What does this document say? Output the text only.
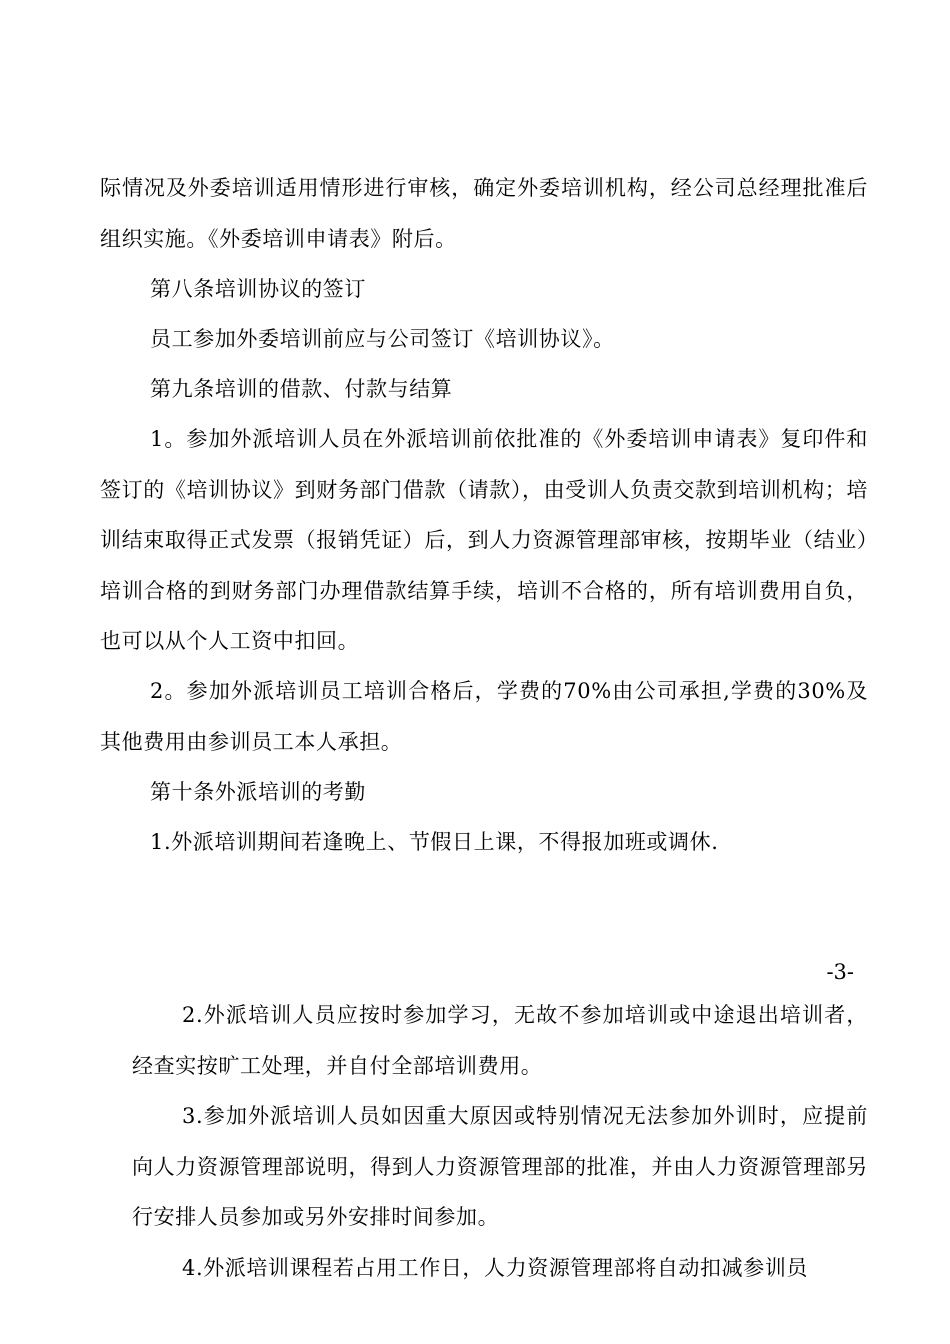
际情况及外委培训适用情形进行审核，确定外委培训机构，经公司总经理批准后组织实施。《外委培训申请表》附后。

第八条培训协议的签订

员工参加外委培训前应与公司签订《培训协议》。

第九条培训的借款、付款与结算

1。参加外派培训人员在外派培训前依批准的《外委培训申请表》复印件和签订的《培训协议》到财务部门借款（请款），由受训人负责交款到培训机构；培训结束取得正式发票（报销凭证）后，到人力资源管理部审核，按期毕业（结业）培训合格的到财务部门办理借款结算手续，培训不合格的，所有培训费用自负，也可以从个人工资中扣回。

2。参加外派培训员工培训合格后，学费的70%由公司承担,学费的30%及其他费用由参训员工本人承担。

第十条外派培训的考勤

1.外派培训期间若逢晚上、节假日上课，不得报加班或调休.

-3-

2.外派培训人员应按时参加学习，无故不参加培训或中途退出培训者，经查实按旷工处理，并自付全部培训费用。

3.参加外派培训人员如因重大原因或特别情况无法参加外训时，应提前向人力资源管理部说明，得到人力资源管理部的批准，并由人力资源管理部另行安排人员参加或另外安排时间参加。

4.外派培训课程若占用工作日，人力资源管理部将自动扣减参训员
